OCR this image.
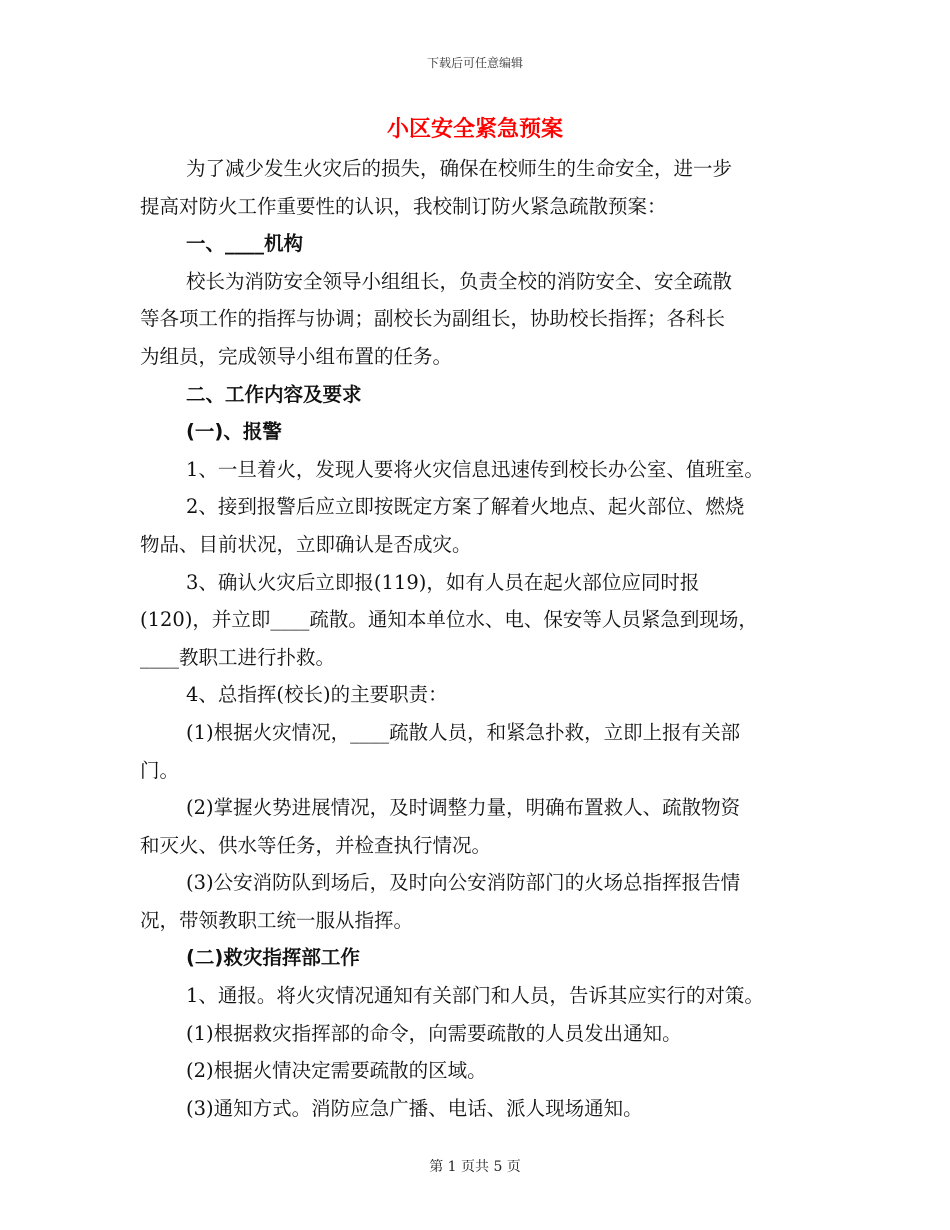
下载后可任意编辑
小区安全紧急预案
为了减少发生火灾后的损失，确保在校师生的生命安全，进一步
提高对防火工作重要性的认识，我校制订防火紧急疏散预案：
一、____机构
校长为消防安全领导小组组长，负责全校的消防安全、安全疏散
等各项工作的指挥与协调；副校长为副组长，协助校长指挥；各科长
为组员，完成领导小组布置的任务。
二、工作内容及要求
(一)、报警
1、一旦着火，发现人要将火灾信息迅速传到校长办公室、值班室。
2、接到报警后应立即按既定方案了解着火地点、起火部位、燃烧
物品、目前状况，立即确认是否成灾。
3、确认火灾后立即报(119)，如有人员在起火部位应同时报
(120)，并立即____疏散。通知本单位水、电、保安等人员紧急到现场，
____教职工进行扑救。
4、总指挥(校长)的主要职责：
(1)根据火灾情况，____疏散人员，和紧急扑救，立即上报有关部
门。
(2)掌握火势进展情况，及时调整力量，明确布置救人、疏散物资
和灭火、供水等任务，并检查执行情况。
(3)公安消防队到场后，及时向公安消防部门的火场总指挥报告情
况，带领教职工统一服从指挥。
(二)救灾指挥部工作
1、通报。将火灾情况通知有关部门和人员，告诉其应实行的对策。
(1)根据救灾指挥部的命令，向需要疏散的人员发出通知。
(2)根据火情决定需要疏散的区域。
(3)通知方式。消防应急广播、电话、派人现场通知。
第 1 页共 5 页
